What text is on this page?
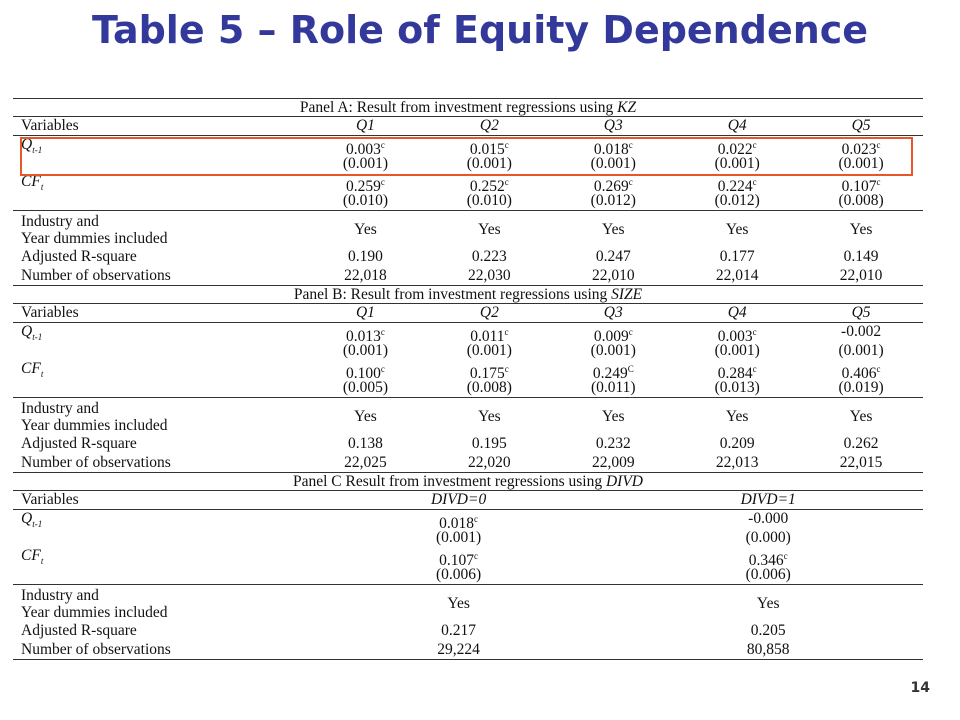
Table 5 – Role of Equity Dependence
Panel A: Result from investment regressions using KZ
Variables	Q1	Q2	Q3	Q4	Q5
$Q_{t-1}$	0.003$^c$	0.015$^c$	0.018$^c$	0.022$^c$	0.023$^c$
(0.001)	(0.001)	(0.001)	(0.001)	(0.001)
$CF_t$	0.259$^c$	0.252$^c$	0.269$^c$	0.224$^c$	0.107$^c$
(0.010)	(0.010)	(0.012)	(0.012)	(0.008)
Industry and
Year dummies included	Yes	Yes	Yes	Yes	Yes
Adjusted R-square	0.190	0.223	0.247	0.177	0.149
Number of observations	22,018	22,030	22,010	22,014	22,010
Panel B: Result from investment regressions using SIZE
Variables	Q1	Q2	Q3	Q4	Q5
$Q_{t-1}$	0.013$^c$	0.011$^c$	0.009$^c$	0.003$^c$	-0.002
(0.001)	(0.001)	(0.001)	(0.001)	(0.001)
$CF_t$	0.100$^c$	0.175$^c$	$0.249^C$	0.284$^c$	0.406$^c$
(0.005)	(0.008)	(0.011)	(0.013)	(0.019)
Industry and
Year dummies included	Yes	Yes	Yes	Yes	Yes
Adjusted R-square	0.138	0.195	0.232	0.209	0.262
Number of observations	22,025	22,020	22,009	22,013	22,015
Panel C Result from investment regressions using DIVD
Variables	DIVD=0	DIVD=1
$Q_{t-1}$	0.018$^c$	-0.000
(0.001)	(0.000)
$CF_t$	0.107$^c$	0.346$^c$
(0.006)	(0.006)
Industry and
Year dummies included	Yes	Yes
Adjusted R-square	0.217	0.205
Number of observations	29,224	80,858
14
